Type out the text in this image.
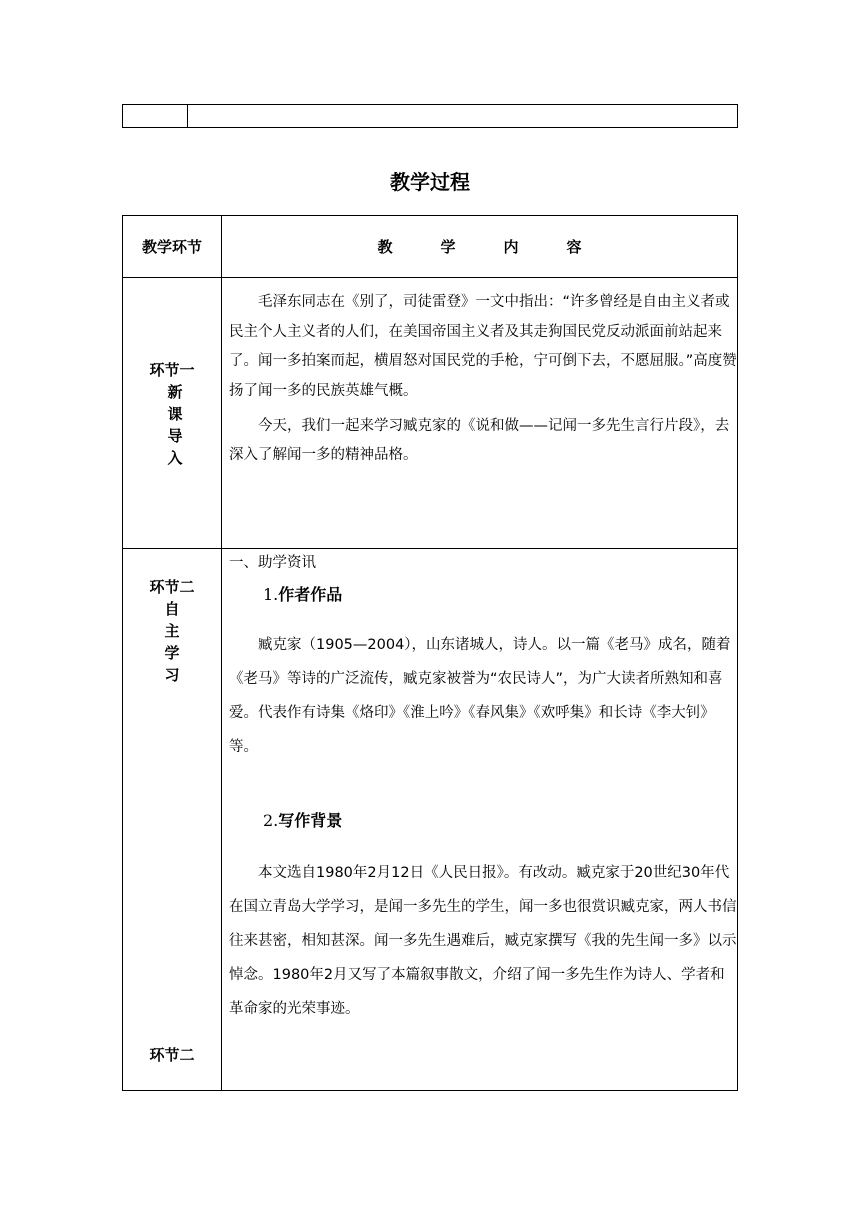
教学过程
教学环节	教学内容
环节一
新
课
导
入

毛泽东同志在《别了，司徒雷登》一文中指出：“许多曾经是自由主义者或民主个人主义者的人们，在美国帝国主义者及其走狗国民党反动派面前站起来了。闻一多拍案而起，横眉怒对国民党的手枪，宁可倒下去，不愿屈服。”高度赞扬了闻一多的民族英雄气概。

今天，我们一起来学习臧克家的《说和做——记闻一多先生言行片段》，去深入了解闻一多的精神品格。

一、助学资讯
环节二
自
主
学
习
1.作者作品

臧克家（1905—2004），山东诸城人，诗人。以一篇《老马》成名，随着《老马》等诗的广泛流传，臧克家被誉为“农民诗人”，为广大读者所熟知和喜爱。代表作有诗集《烙印》《淮上吟》《春风集》《欢呼集》和长诗《李大钊》等。

2.写作背景

本文选自1980年2月12日《人民日报》。有改动。臧克家于20世纪30年代在国立青岛大学学习，是闻一多先生的学生，闻一多也很赏识臧克家，两人书信往来甚密，相知甚深。闻一多先生遇难后，臧克家撰写《我的先生闻一多》以示悼念。1980年2月又写了本篇叙事散文，介绍了闻一多先生作为诗人、学者和革命家的光荣事迹。

环节二
